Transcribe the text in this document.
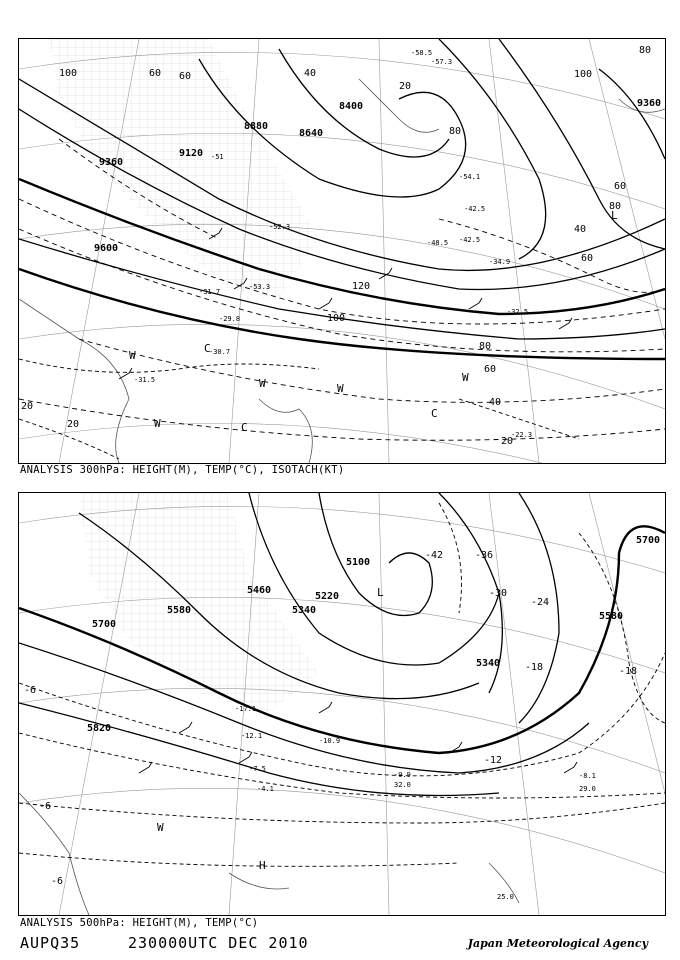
9360
9120
8880
8640
8400
9600
9360
100	60 60	40
20
80
100
80
120
100
80
60
40
60
40
20
20
20
80
60
L
W
W	W
W
C
C
C
W
-51
-48.5 -42.5
-34.9
-32.5
-42.5
-52.3
-53.3
-31.7
-29.8
-30.7
-31.5
-22.3
-57.3
-58.5
-54.1
ANALYSIS 300hPa: HEIGHT(M), TEMP(°C), ISOTACH(KT)
5700
5580
5460
5340
5220
5100
5820
5340
5580
5700
-42	-36
-30
-24
-18	-18
-12
-6
-6
-6
L
H
W
-9.9	-8.1
-17.1
-12.1
-10.9
-7.5
-4.1	29.0
32.0
25.0
ANALYSIS 500hPa: HEIGHT(M), TEMP(°C)
AUPQ35	230000UTC DEC 2010	Japan Meteorological Agency
